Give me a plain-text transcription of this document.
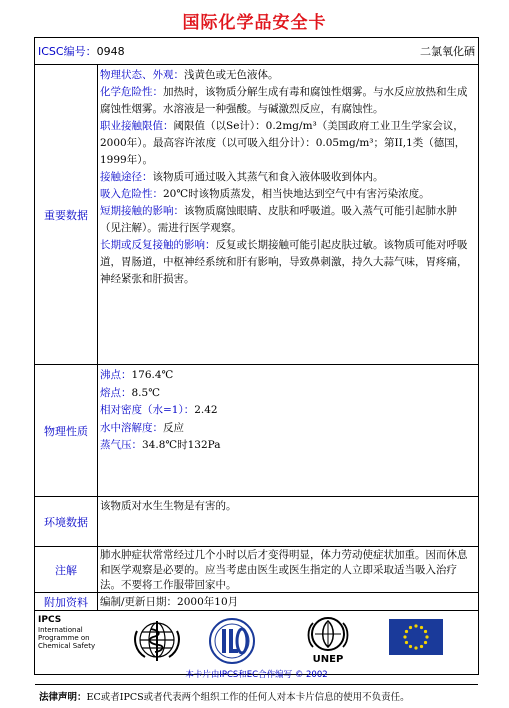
国际化学品安全卡
ICSC编号：0948	二氯氧化硒
重要数据

物理状态、外观：浅黄色或无色液体。

化学危险性：加热时，该物质分解生成有毒和腐蚀性烟雾。与水反应放热和生成腐蚀性烟雾。水溶液是一种强酸。与碱激烈反应，有腐蚀性。

职业接触限值：阈限值（以Se计）：0.2mg/m³（美国政府工业卫生学家会议，2000年）。最高容许浓度（以可吸入组分计）：0.05mg/m³；第II,1类（德国，1999年）。

接触途径：该物质可通过吸入其蒸气和食入液体吸收到体内。

吸入危险性：20℃时该物质蒸发，相当快地达到空气中有害污染浓度。

短期接触的影响：该物质腐蚀眼睛、皮肤和呼吸道。吸入蒸气可能引起肺水肿（见注解）。需进行医学观察。

长期或反复接触的影响：反复或长期接触可能引起皮肤过敏。该物质可能对呼吸道，胃肠道，中枢神经系统和肝有影响，导致鼻刺激，持久大蒜气味，胃疼痛，神经紧张和肝损害。

物理性质

沸点：176.4℃

熔点：8.5℃

相对密度（水=1）：2.42

水中溶解度：反应

蒸气压：34.8℃时132Pa

环境数据
该物质对水生生物是有害的。
注解
肺水肿症状常常经过几个小时以后才变得明显，体力劳动使症状加重。因而休息和医学观察是必要的。应当考虑由医生或医生指定的人立即采取适当吸入治疗法。不要将工作服带回家中。
附加资料	编制/更新日期：2000年10月
IPCS
International
Programme on
Chemical Safety
UNEP
本卡片由IPCS和EC合作编写 © 2002
法律声明：EC或者IPCS或者代表两个组织工作的任何人对本卡片信息的使用不负责任。
